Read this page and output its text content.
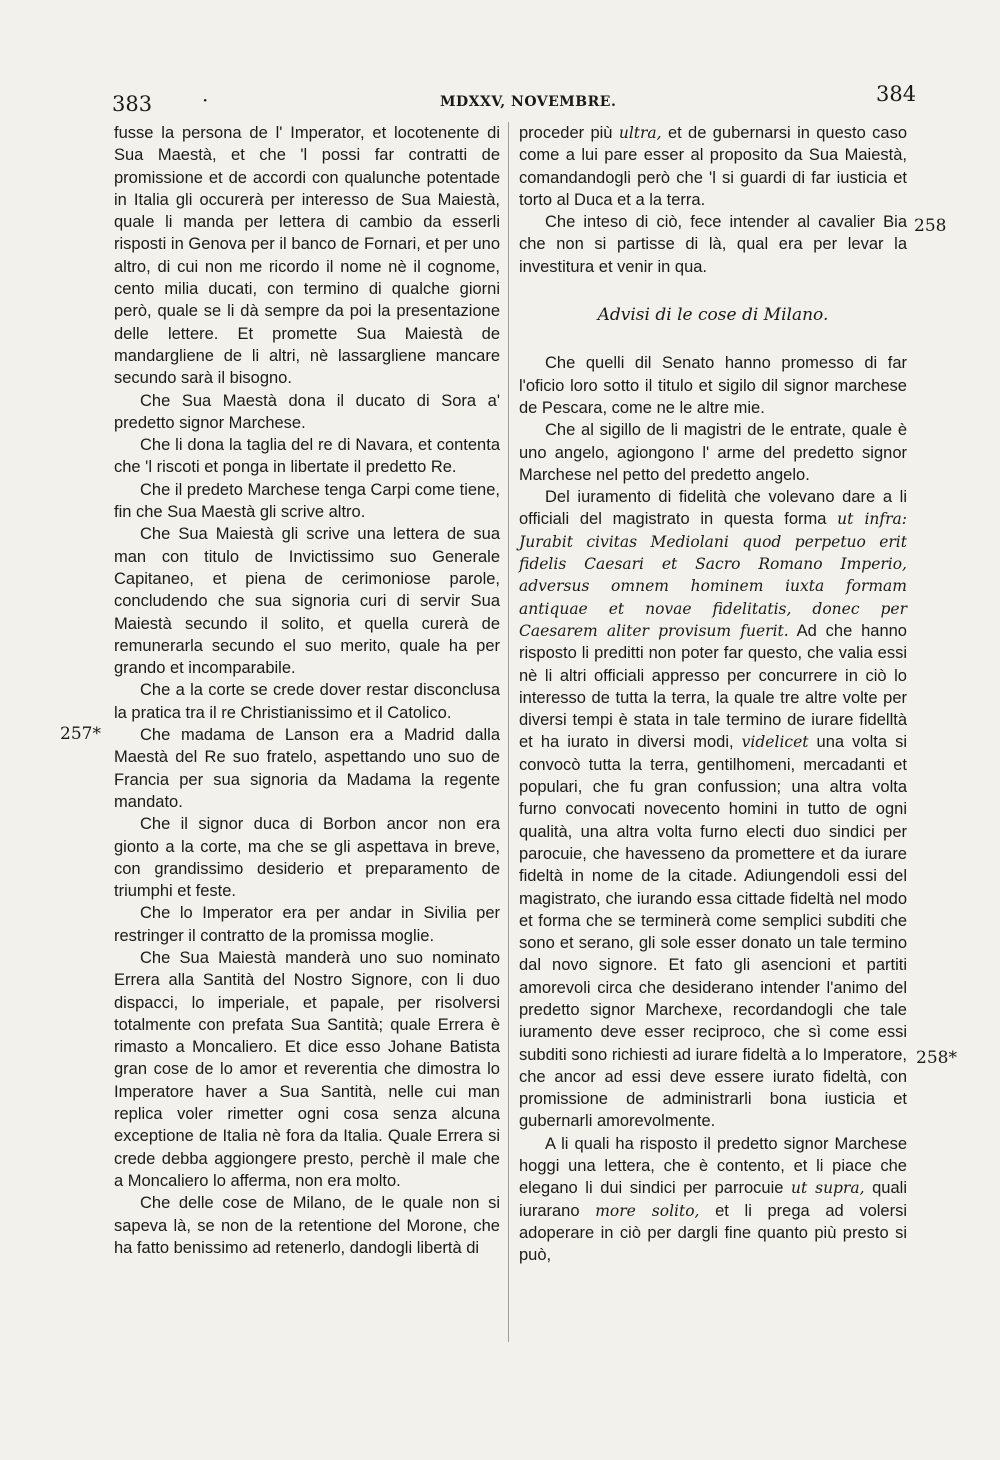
383 ·	MDXXV, NOVEMBRE.	384
257*
258
258*

fusse la persona de l' Imperator, et locotenente di Sua Maestà, et che 'l possi far contratti de promissione et de accordi con qualunche potentade in Italia gli occurerà per interesso de Sua Maiestà, quale li manda per lettera di cambio da esserli risposti in Genova per il banco de Fornari, et per uno altro, di cui non me ricordo il nome nè il cognome, cento milia ducati, con termino di qualche giorni però, quale se li dà sempre da poi la presentazione delle lettere. Et promette Sua Maiestà de mandargliene de li altri, nè lassargliene mancare secundo sarà il bisogno.

Che Sua Maestà dona il ducato di Sora a' predetto signor Marchese.

Che li dona la taglia del re di Navara, et contenta che 'l riscoti et ponga in libertate il predetto Re.

Che il predeto Marchese tenga Carpi come tiene, fin che Sua Maestà gli scrive altro.

Che Sua Maiestà gli scrive una lettera de sua man con titulo de Invictissimo suo Generale Capitaneo, et piena de cerimoniose parole, concludendo che sua signoria curi di servir Sua Maiestà secundo il solito, et quella curerà de remunerarla secundo el suo merito, quale ha per grando et incomparabile.

Che a la corte se crede dover restar disconclusa la pratica tra il re Christianissimo et il Catolico.

Che madama de Lanson era a Madrid dalla Maestà del Re suo fratelo, aspettando uno suo de Francia per sua signoria da Madama la regente mandato.

Che il signor duca di Borbon ancor non era gionto a la corte, ma che se gli aspettava in breve, con grandissimo desiderio et preparamento de triumphi et feste.

Che lo Imperator era per andar in Sivilia per restringer il contratto de la promissa moglie.

Che Sua Maiestà manderà uno suo nominato Errera alla Santità del Nostro Signore, con li duo dispacci, lo imperiale, et papale, per risolversi totalmente con prefata Sua Santità; quale Errera è rimasto a Moncaliero. Et dice esso Johane Batista gran cose de lo amor et reverentia che dimostra lo Imperatore haver a Sua Santità, nelle cui man replica voler rimetter ogni cosa senza alcuna exceptione de Italia nè fora da Italia. Quale Errera si crede debba aggiongere presto, perchè il male che a Moncaliero lo afferma, non era molto.

Che delle cose de Milano, de le quale non si sapeva là, se non de la retentione del Morone, che ha fatto benissimo ad retenerlo, dandogli libertà di

proceder più ultra, et de gubernarsi in questo caso come a lui pare esser al proposito da Sua Maiestà, comandandogli però che 'l si guardi di far iusticia et torto al Duca et a la terra.

Che inteso di ciò, fece intender al cavalier Bia che non si partisse di là, qual era per levar la investitura et venir in qua.

Advisi di le cose di Milano.

Che quelli dil Senato hanno promesso di far l'oficio loro sotto il titulo et sigilo dil signor marchese de Pescara, come ne le altre mie.

Che al sigillo de li magistri de le entrate, quale è uno angelo, agiongono l' arme del predetto signor Marchese nel petto del predetto angelo.

Del iuramento di fidelità che volevano dare a li officiali del magistrato in questa forma ut infra: Jurabit civitas Mediolani quod perpetuo erit fidelis Caesari et Sacro Romano Imperio, adversus omnem hominem iuxta formam antiquae et novae fidelitatis, donec per Caesarem aliter provisum fuerit. Ad che hanno risposto li preditti non poter far questo, che valia essi nè li altri officiali appresso per concurrere in ciò lo interesso de tutta la terra, la quale tre altre volte per diversi tempi è stata in tale termino de iurare fidelltà et ha iurato in diversi modi, videlicet una volta si convocò tutta la terra, gentilhomeni, mercadanti et populari, che fu gran confussion; una altra volta furno convocati novecento homini in tutto de ogni qualità, una altra volta furno electi duo sindici per parocuie, che havesseno da promettere et da iurare fideltà in nome de la citade. Adiungendoli essi del magistrato, che iurando essa cittade fideltà nel modo et forma che se terminerà come semplici subditi che sono et serano, gli sole esser donato un tale termino dal novo signore. Et fato gli asencioni et partiti amorevoli circa che desiderano intender l'animo del predetto signor Marchexe, recordandogli che tale iuramento deve esser reciproco, che sì come essi subditi sono richiesti ad iurare fideltà a lo Imperatore, che ancor ad essi deve essere iurato fideltà, con promissione de administrarli bona iusticia et gubernarli amorevolmente.

A li quali ha risposto il predetto signor Marchese hoggi una lettera, che è contento, et li piace che elegano li dui sindici per parrocuie ut supra, quali iurarano more solito, et li prega ad volersi adoperare in ciò per dargli fine quanto più presto si può,
